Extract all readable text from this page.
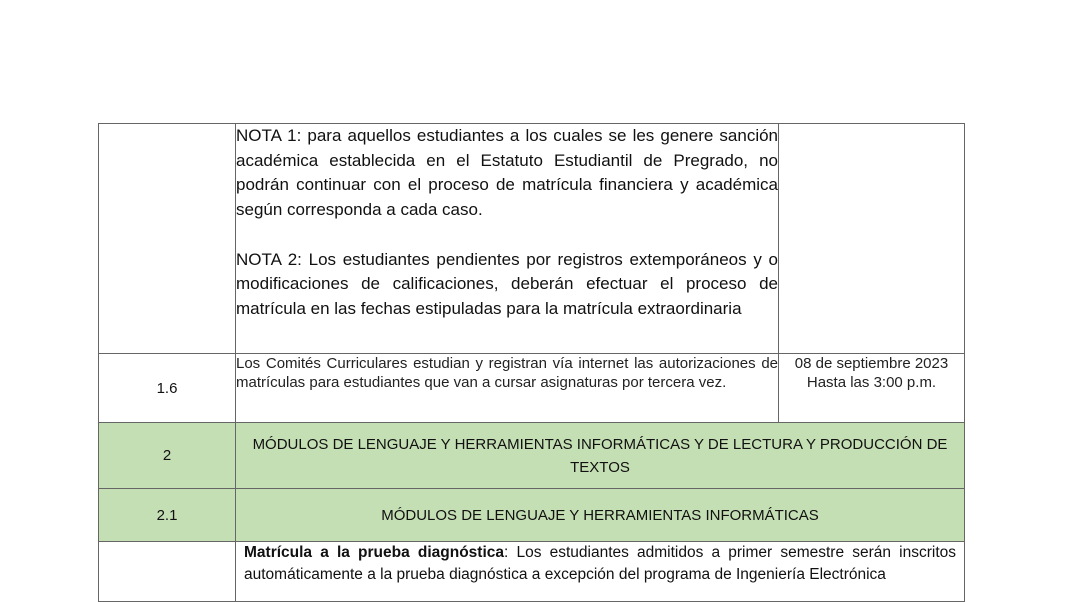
	NOTA 1: para aquellos estudiantes a los cuales se les genere sanción académica establecida en el Estatuto Estudiantil de Pregrado, no podrán continuar con el proceso de matrícula financiera y académica según corresponda a cada caso.

NOTA 2: Los estudiantes pendientes por registros extemporáneos y o modificaciones de calificaciones, deberán efectuar el proceso de matrícula en las fechas estipuladas para la matrícula extraordinaria	

1.6	Los Comités Curriculares estudian y registran vía internet las autorizaciones de matrículas para estudiantes que van a cursar asignaturas por tercera vez.	08 de septiembre 2023 Hasta las 3:00 p.m.
2	MÓDULOS DE LENGUAJE Y HERRAMIENTAS INFORMÁTICAS Y DE LECTURA Y PRODUCCIÓN DE TEXTOS	
2.1	MÓDULOS DE LENGUAJE Y HERRAMIENTAS INFORMÁTICAS	
	Matrícula a la prueba diagnóstica: Los estudiantes admitidos a primer semestre serán inscritos automáticamente a la prueba diagnóstica a excepción del programa de Ingeniería Electrónica	
